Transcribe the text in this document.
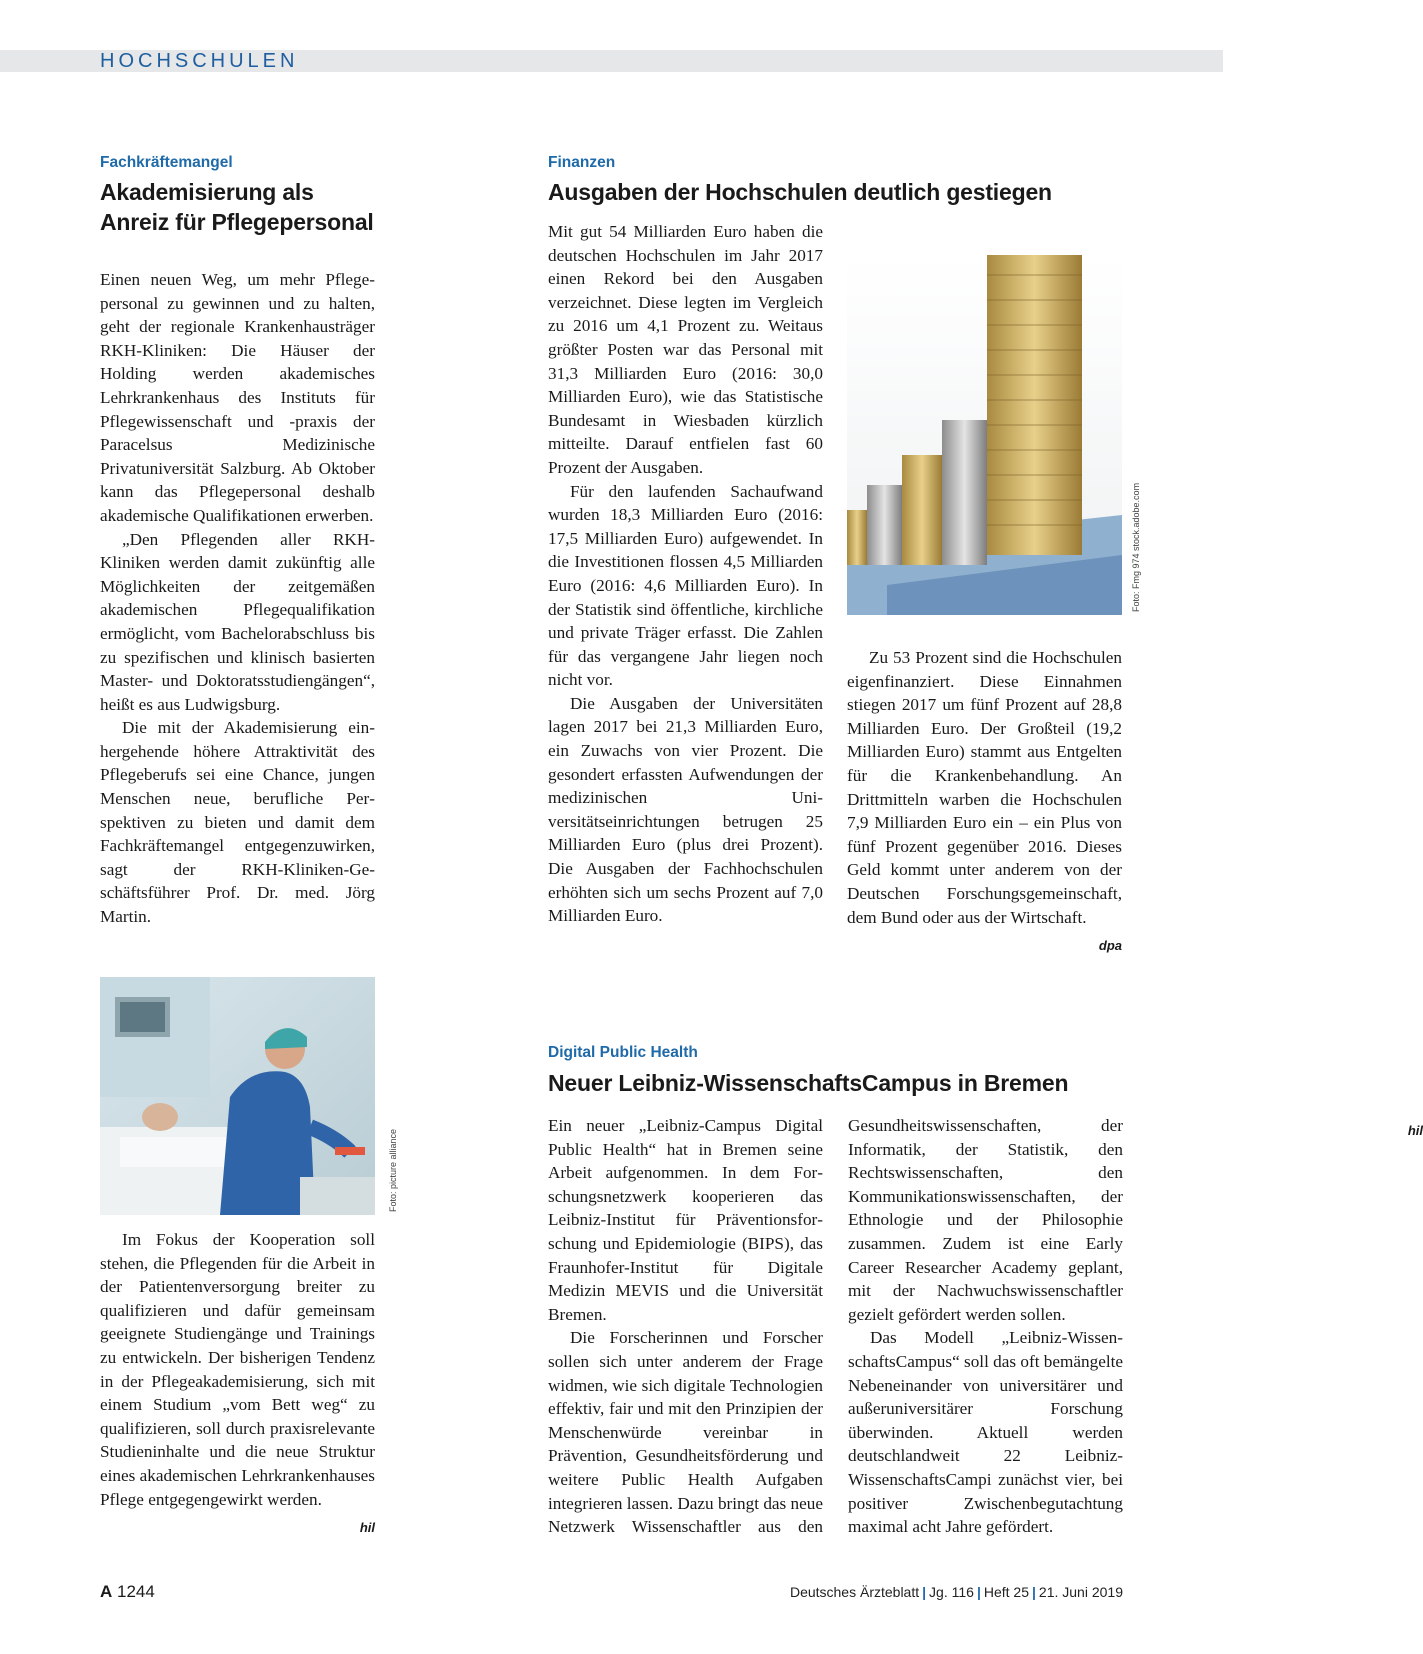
HOCHSCHULEN
Fachkräftemangel
Akademisierung als
Anreiz für Pflegepersonal

Einen neuen Weg, um mehr Pflegepersonal zu gewinnen und zu halten, geht der regionale Krankenhausträger RKH-Kliniken: Die Häuser der Holding werden akademisches Lehrkrankenhaus des Instituts für Pflegewissenschaft und -praxis der Paracelsus Medizinische Privatuniversität Salzburg. Ab Oktober kann das Pflegepersonal deshalb akademische Qualifikationen erwerben.

„Den Pflegenden aller RKH-Kliniken werden damit zukünftig alle Möglichkeiten der zeitgemäßen akademischen Pflegequalifikation ermöglicht, vom Bachelorabschluss bis zu spezifischen und klinisch basierten Master- und Doktoratsstudiengängen“, heißt es aus Ludwigsburg.

Die mit der Akademisierung einhergehende höhere Attraktivität des Pflegeberufs sei eine Chance, jungen Menschen neue, berufliche Perspektiven zu bieten und damit dem Fachkräftemangel entgegenzuwirken, sagt der RKH-Kliniken-Geschäftsführer Prof. Dr. med. Jörg Martin.

Foto: picture alliance

Im Fokus der Kooperation soll stehen, die Pflegenden für die Arbeit in der Patientenversorgung breiter zu qualifizieren und dafür gemeinsam geeignete Studiengänge und Trainings zu entwickeln. Der bisherigen Tendenz in der Pflegeakademisierung, sich mit einem Studium „vom Bett weg“ zu qualifizieren, soll durch praxisrelevante Studieninhalte und die neue Struktur eines akademischen Lehrkrankenhauses Pflege entgegengewirkt werden.

hil
Finanzen
Ausgaben der Hochschulen deutlich gestiegen

Mit gut 54 Milliarden Euro haben die deutschen Hochschulen im Jahr 2017 einen Rekord bei den Ausgaben verzeichnet. Diese legten im Vergleich zu 2016 um 4,1 Prozent zu. Weitaus größter Posten war das Personal mit 31,3 Milliarden Euro (2016: 30,0 Milliarden Euro), wie das Statistische Bundesamt in Wiesbaden kürzlich mitteilte. Darauf entfielen fast 60 Prozent der Ausgaben.

Für den laufenden Sachaufwand wurden 18,3 Milliarden Euro (2016: 17,5 Milliarden Euro) aufgewendet. In die Investitionen flossen 4,5 Milliarden Euro (2016: 4,6 Milliarden Euro). In der Statistik sind öffentliche, kirchliche und private Träger erfasst. Die Zahlen für das vergangene Jahr liegen noch nicht vor.

Die Ausgaben der Universitäten lagen 2017 bei 21,3 Milliarden Euro, ein Zuwachs von vier Prozent. Die gesondert erfassten Aufwendungen der medizinischen Universitätseinrichtungen betrugen 25 Milliarden Euro (plus drei Prozent). Die Ausgaben der Fachhochschulen erhöhten sich um sechs Prozent auf 7,0 Milliarden Euro.

Foto: Fmg 974 stock.adobe.com

Zu 53 Prozent sind die Hochschulen eigenfinanziert. Diese Einnahmen stiegen 2017 um fünf Prozent auf 28,8 Milliarden Euro. Der Großteil (19,2 Milliarden Euro) stammt aus Entgelten für die Krankenbehandlung. An Drittmitteln warben die Hochschulen 7,9 Milliarden Euro ein – ein Plus von fünf Prozent gegenüber 2016. Dieses Geld kommt unter anderem von der Deutschen Forschungsgemeinschaft, dem Bund oder aus der Wirtschaft.

dpa
Digital Public Health
Neuer Leibniz-WissenschaftsCampus in Bremen

Ein neuer „Leibniz-Campus Digital Public Health“ hat in Bremen seine Arbeit aufgenommen. In dem Forschungsnetzwerk kooperieren das Leibniz-Institut für Präventionsforschung und Epidemiologie (BIPS), das Fraunhofer-Institut für Digitale Medizin MEVIS und die Universität Bremen.

Die Forscherinnen und Forscher sollen sich unter anderem der Frage widmen, wie sich digitale Technologien effektiv, fair und mit den Prinzipien der Menschenwürde vereinbar in Prävention, Gesundheitsförderung und weitere Public Health Aufgaben integrieren lassen. Dazu bringt das neue Netzwerk Wissenschaftler aus den Gesundheitswissenschaften, der Informatik, der Statistik, den Rechtswissenschaften, den Kommunikationswissenschaften, der Ethnologie und der Philosophie zusammen. Zudem ist eine Early Career Researcher Academy geplant, mit der Nachwuchswissenschaftler gezielt gefördert werden sollen.

Das Modell „Leibniz-WissenschaftsCampus“ soll das oft bemängelte Nebeneinander von universitärer und außeruniversitärer Forschung überwinden. Aktuell werden deutschlandweit 22 Leibniz-WissenschaftsCampi zunächst vier, bei positiver Zwischenbegutachtung maximal acht Jahre gefördert.

hil
A 1244	Deutsches Ärzteblatt | Jg. 116 | Heft 25 | 21. Juni 2019
